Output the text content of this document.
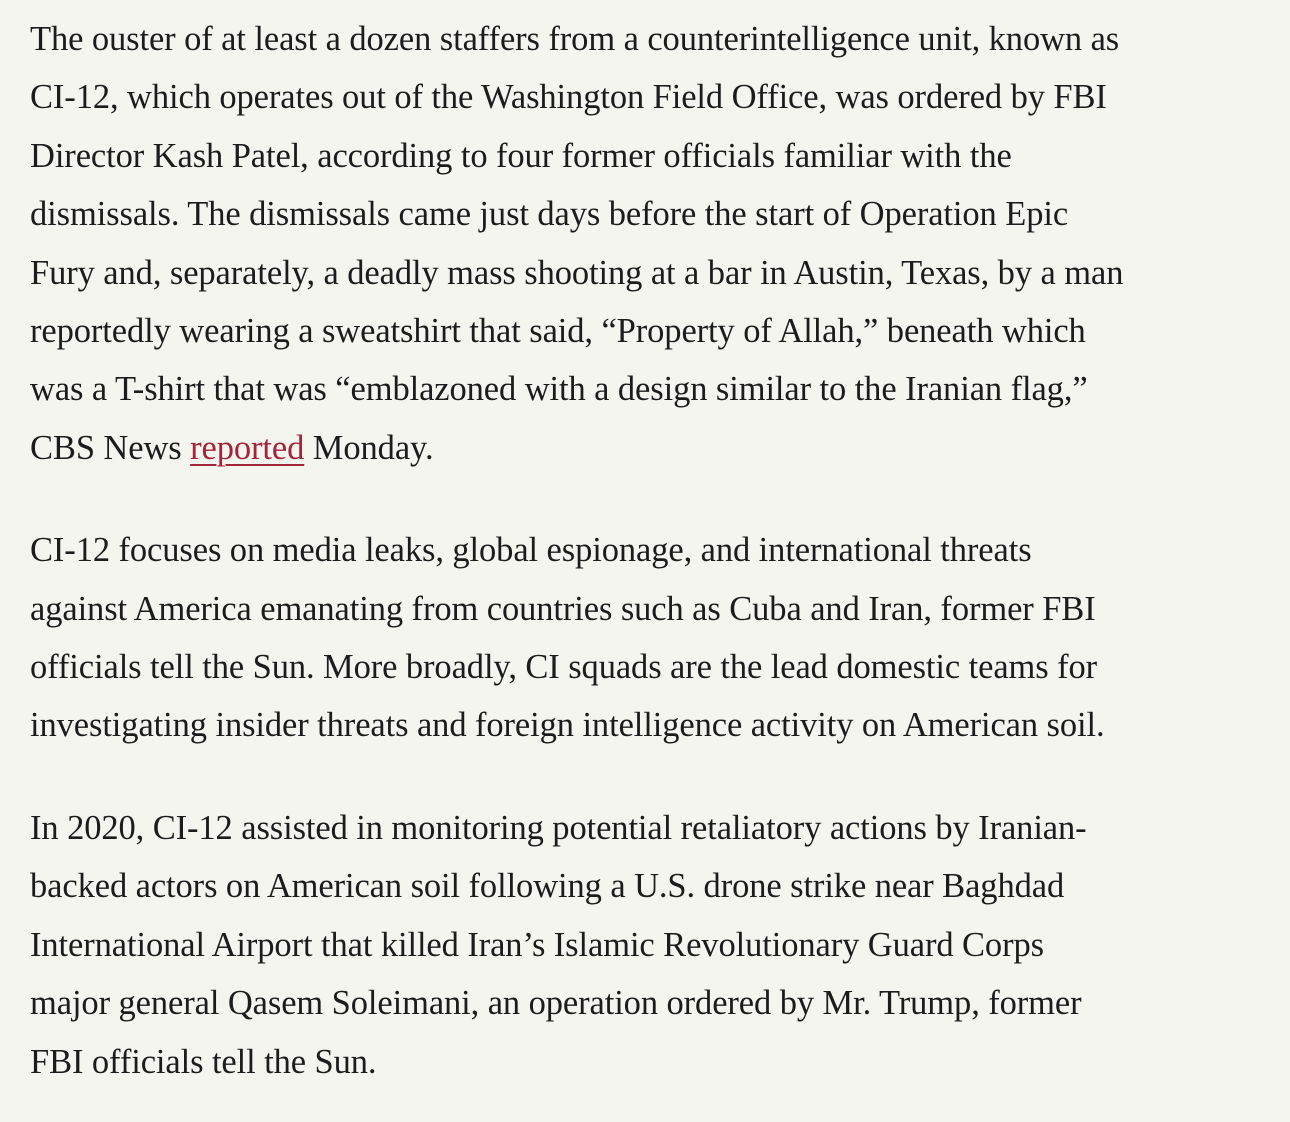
The ouster of at least a dozen staffers from a counterintelligence unit, known as
CI-12, which operates out of the Washington Field Office, was ordered by FBI
Director Kash Patel, according to four former officials familiar with the
dismissals. The dismissals came just days before the start of Operation Epic
Fury and, separately, a deadly mass shooting at a bar in Austin, Texas, by a man
reportedly wearing a sweatshirt that said, “Property of Allah,” beneath which
was a T-shirt that was “emblazoned with a design similar to the Iranian flag,”
CBS News reported Monday.

CI-12 focuses on media leaks, global espionage, and international threats
against America emanating from countries such as Cuba and Iran, former FBI
officials tell the Sun. More broadly, CI squads are the lead domestic teams for
investigating insider threats and foreign intelligence activity on American soil.

In 2020, CI-12 assisted in monitoring potential retaliatory actions by Iranian-
backed actors on American soil following a U.S. drone strike near Baghdad
International Airport that killed Iran’s Islamic Revolutionary Guard Corps
major general Qasem Soleimani, an operation ordered by Mr. Trump, former
FBI officials tell the Sun.
